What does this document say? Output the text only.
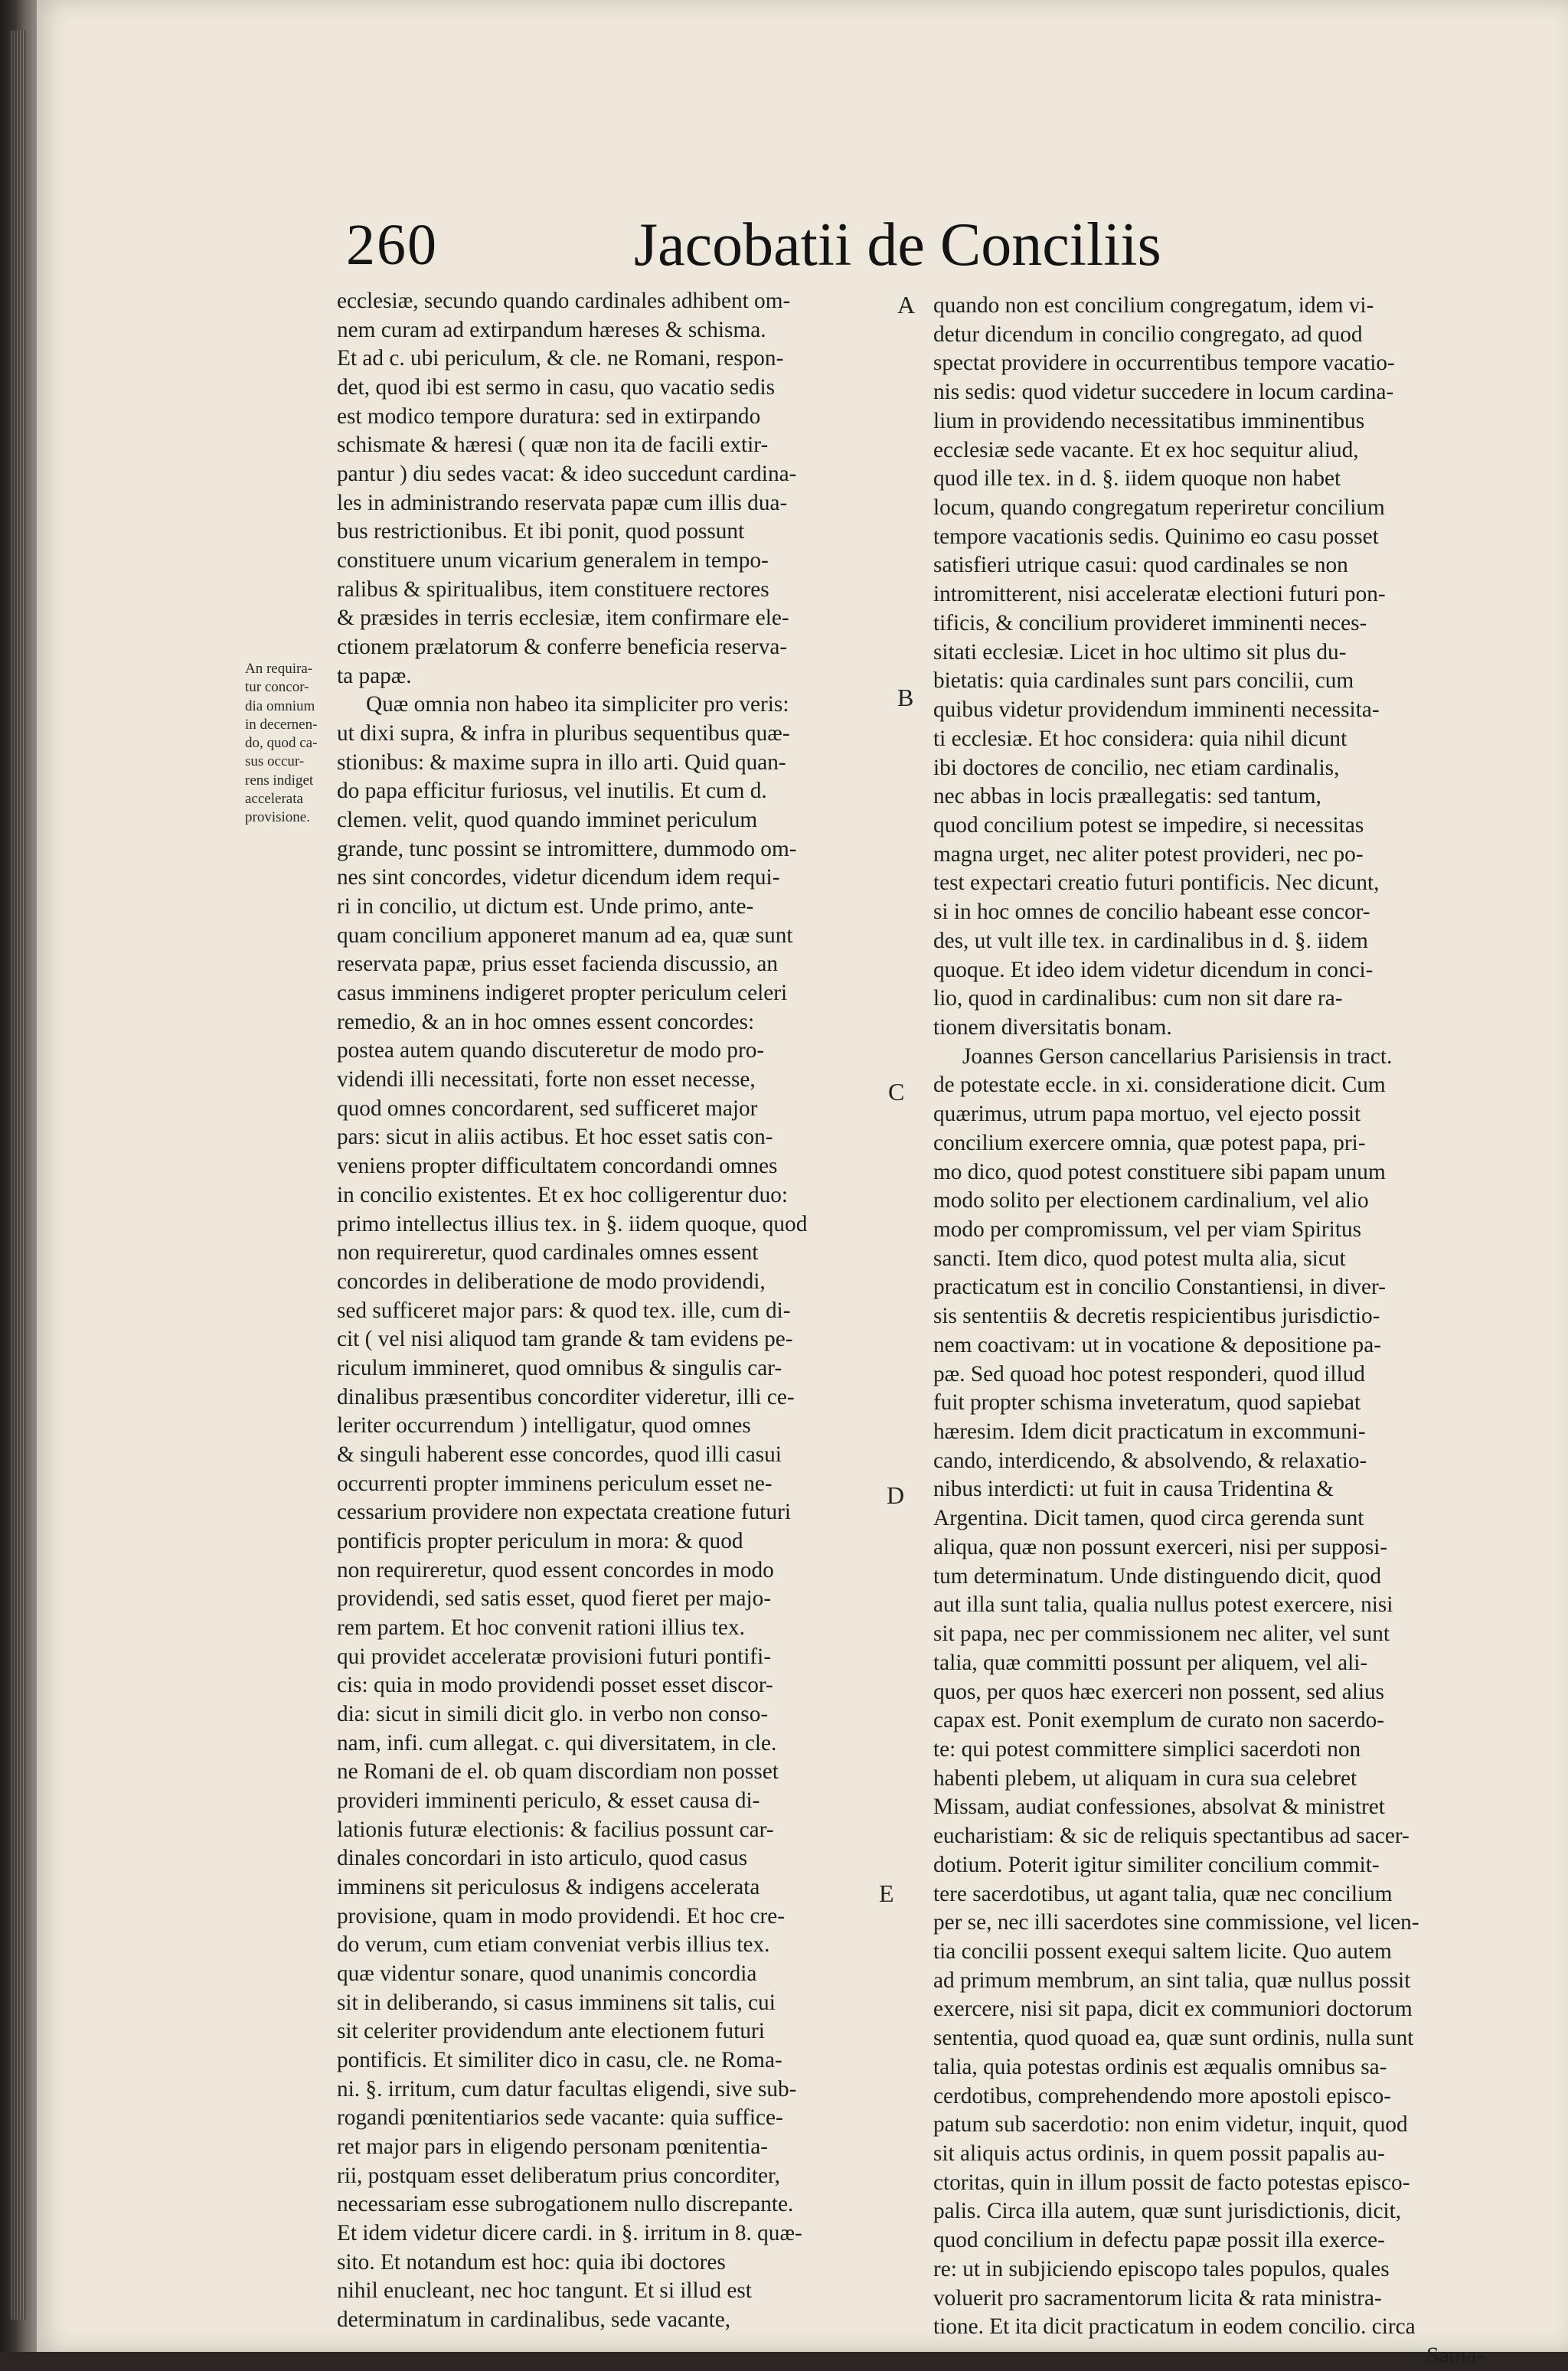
260	Jacobatii de Conciliis
An requira-
tur concor-
dia omnium
in decernen-
do, quod ca-
sus occur-
rens indiget
accelerata
provisione.
ecclesiæ, secundo quando cardinales adhibent om-
nem curam ad extirpandum hæreses & schisma.
Et ad c. ubi periculum, & cle. ne Romani, respon-
det, quod ibi est sermo in casu, quo vacatio sedis
est modico tempore duratura: sed in extirpando
schismate & hæresi ( quæ non ita de facili extir-
pantur ) diu sedes vacat: & ideo succedunt cardina-
les in administrando reservata papæ cum illis dua-
bus restrictionibus. Et ibi ponit, quod possunt
constituere unum vicarium generalem in tempo-
ralibus & spiritualibus, item constituere rectores
& præsides in terris ecclesiæ, item confirmare ele-
ctionem prælatorum & conferre beneficia reserva-
ta papæ.
Quæ omnia non habeo ita simpliciter pro veris:
ut dixi supra, & infra in pluribus sequentibus quæ-
stionibus: & maxime supra in illo arti. Quid quan-
do papa efficitur furiosus, vel inutilis. Et cum d.
clemen. velit, quod quando imminet periculum
grande, tunc possint se intromittere, dummodo om-
nes sint concordes, videtur dicendum idem requi-
ri in concilio, ut dictum est. Unde primo, ante-
quam concilium apponeret manum ad ea, quæ sunt
reservata papæ, prius esset facienda discussio, an
casus imminens indigeret propter periculum celeri
remedio, & an in hoc omnes essent concordes:
postea autem quando discuteretur de modo pro-
videndi illi necessitati, forte non esset necesse,
quod omnes concordarent, sed sufficeret major
pars: sicut in aliis actibus. Et hoc esset satis con-
veniens propter difficultatem concordandi omnes
in concilio existentes. Et ex hoc colligerentur duo:
primo intellectus illius tex. in §. iidem quoque, quod
non requireretur, quod cardinales omnes essent
concordes in deliberatione de modo providendi,
sed sufficeret major pars: & quod tex. ille, cum di-
cit ( vel nisi aliquod tam grande & tam evidens pe-
riculum immineret, quod omnibus & singulis car-
dinalibus præsentibus concorditer videretur, illi ce-
leriter occurrendum ) intelligatur, quod omnes
& singuli haberent esse concordes, quod illi casui
occurrenti propter imminens periculum esset ne-
cessarium providere non expectata creatione futuri
pontificis propter periculum in mora: & quod
non requireretur, quod essent concordes in modo
providendi, sed satis esset, quod fieret per majo-
rem partem. Et hoc convenit rationi illius tex.
qui providet acceleratæ provisioni futuri pontifi-
cis: quia in modo providendi posset esset discor-
dia: sicut in simili dicit glo. in verbo non conso-
nam, infi. cum allegat. c. qui diversitatem, in cle.
ne Romani de el. ob quam discordiam non posset
provideri imminenti periculo, & esset causa di-
lationis futuræ electionis: & facilius possunt car-
dinales concordari in isto articulo, quod casus
imminens sit periculosus & indigens accelerata
provisione, quam in modo providendi. Et hoc cre-
do verum, cum etiam conveniat verbis illius tex.
quæ videntur sonare, quod unanimis concordia
sit in deliberando, si casus imminens sit talis, cui
sit celeriter providendum ante electionem futuri
pontificis. Et similiter dico in casu, cle. ne Roma-
ni. §. irritum, cum datur facultas eligendi, sive sub-
rogandi pœnitentiarios sede vacante: quia suffice-
ret major pars in eligendo personam pœnitentia-
rii, postquam esset deliberatum prius concorditer,
necessariam esse subrogationem nullo discrepante.
Et idem videtur dicere cardi. in §. irritum in 8. quæ-
sito. Et notandum est hoc: quia ibi doctores
nihil enucleant, nec hoc tangunt. Et si illud est
determinatum in cardinalibus, sede vacante,
quando non est concilium congregatum, idem vi-
detur dicendum in concilio congregato, ad quod
spectat providere in occurrentibus tempore vacatio-
nis sedis: quod videtur succedere in locum cardina-
lium in providendo necessitatibus imminentibus
ecclesiæ sede vacante. Et ex hoc sequitur aliud,
quod ille tex. in d. §. iidem quoque non habet
locum, quando congregatum reperiretur concilium
tempore vacationis sedis. Quinimo eo casu posset
satisfieri utrique casui: quod cardinales se non
intromitterent, nisi acceleratæ electioni futuri pon-
tificis, & concilium provideret imminenti neces-
sitati ecclesiæ. Licet in hoc ultimo sit plus du-
bietatis: quia cardinales sunt pars concilii, cum
quibus videtur providendum imminenti necessita-
ti ecclesiæ. Et hoc considera: quia nihil dicunt
ibi doctores de concilio, nec etiam cardinalis,
nec abbas in locis præallegatis: sed tantum,
quod concilium potest se impedire, si necessitas
magna urget, nec aliter potest provideri, nec po-
test expectari creatio futuri pontificis. Nec dicunt,
si in hoc omnes de concilio habeant esse concor-
des, ut vult ille tex. in cardinalibus in d. §. iidem
quoque. Et ideo idem videtur dicendum in conci-
lio, quod in cardinalibus: cum non sit dare ra-
tionem diversitatis bonam.
Joannes Gerson cancellarius Parisiensis in tract.
de potestate eccle. in xi. consideratione dicit. Cum
quærimus, utrum papa mortuo, vel ejecto possit
concilium exercere omnia, quæ potest papa, pri-
mo dico, quod potest constituere sibi papam unum
modo solito per electionem cardinalium, vel alio
modo per compromissum, vel per viam Spiritus
sancti. Item dico, quod potest multa alia, sicut
practicatum est in concilio Constantiensi, in diver-
sis sententiis & decretis respicientibus jurisdictio-
nem coactivam: ut in vocatione & depositione pa-
pæ. Sed quoad hoc potest responderi, quod illud
fuit propter schisma inveteratum, quod sapiebat
hæresim. Idem dicit practicatum in excommuni-
cando, interdicendo, & absolvendo, & relaxatio-
nibus interdicti: ut fuit in causa Tridentina &
Argentina. Dicit tamen, quod circa gerenda sunt
aliqua, quæ non possunt exerceri, nisi per supposi-
tum determinatum. Unde distinguendo dicit, quod
aut illa sunt talia, qualia nullus potest exercere, nisi
sit papa, nec per commissionem nec aliter, vel sunt
talia, quæ committi possunt per aliquem, vel ali-
quos, per quos hæc exerceri non possent, sed alius
capax est. Ponit exemplum de curato non sacerdo-
te: qui potest committere simplici sacerdoti non
habenti plebem, ut aliquam in cura sua celebret
Missam, audiat confessiones, absolvat & ministret
eucharistiam: & sic de reliquis spectantibus ad sacer-
dotium. Poterit igitur similiter concilium commit-
tere sacerdotibus, ut agant talia, quæ nec concilium
per se, nec illi sacerdotes sine commissione, vel licen-
tia concilii possent exequi saltem licite. Quo autem
ad primum membrum, an sint talia, quæ nullus possit
exercere, nisi sit papa, dicit ex communiori doctorum
sententia, quod quoad ea, quæ sunt ordinis, nulla sunt
talia, quia potestas ordinis est æqualis omnibus sa-
cerdotibus, comprehendendo more apostoli episco-
patum sub sacerdotio: non enim videtur, inquit, quod
sit aliquis actus ordinis, in quem possit papalis au-
ctoritas, quin in illum possit de facto potestas episco-
palis. Circa illa autem, quæ sunt jurisdictionis, dicit,
quod concilium in defectu papæ possit illa exerce-
re: ut in subjiciendo episcopo tales populos, quales
voluerit pro sacramentorum licita & rata ministra-
tione. Et ita dicit practicatum in eodem concilio. circa
Sama-
A
B
C
D
E
